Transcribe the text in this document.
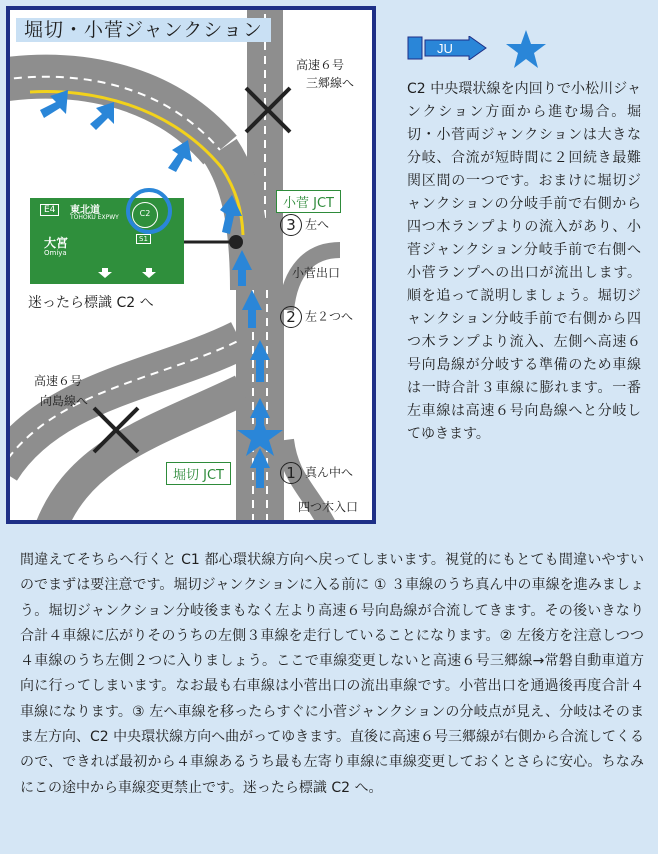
堀切・小菅ジャンクション
高速６号
三郷線へ
高速６号
向島線へ
小菅出口
四つ木入口
小菅 JCT
堀切 JCT
3 左へ
2 左２つへ
1 真ん中へ
E4	東北道
TOHOKU EXPWY	C2
S1
大宮
Omiya
迷ったら標識 C2 へ
JU
C2 中央環状線を内回りで小松川ジャンクション方面から進む場合。堀切・小菅両ジャンクションは大きな分岐、合流が短時間に２回続き最難関区間の一つです。おまけに堀切ジャンクションの分岐手前で右側から四つ木ランプよりの流入があり、小菅ジャンクション分岐手前で右側へ小菅ランプへの出口が流出します。順を追って説明しましょう。堀切ジャンクション分岐手前で右側から四つ木ランプより流入、左側へ高速６号向島線が分岐する準備のため車線は一時合計３車線に膨れます。一番左車線は高速６号向島線へと分岐してゆきます。
間違えてそちらへ行くと C1 都心環状線方向へ戻ってしまいます。視覚的にもとても間違いやすいのでまずは要注意です。堀切ジャンクションに入る前に ① ３車線のうち真ん中の車線を進みましょう。堀切ジャンクション分岐後まもなく左より高速６号向島線が合流してきます。その後いきなり合計４車線に広がりそのうちの左側３車線を走行していることになります。② 左後方を注意しつつ４車線のうち左側２つに入りましょう。ここで車線変更しないと高速６号三郷線→常磐自動車道方向に行ってしまいます。なお最も右車線は小菅出口の流出車線です。小菅出口を通過後再度合計４車線になります。③ 左へ車線を移ったらすぐに小菅ジャンクションの分岐点が見え、分岐はそのまま左方向、C2 中央環状線方向へ曲がってゆきます。直後に高速６号三郷線が右側から合流してくるので、できれば最初から４車線あるうち最も左寄り車線に車線変更しておくとさらに安心。ちなみにこの途中から車線変更禁止です。迷ったら標識 C2 へ。
